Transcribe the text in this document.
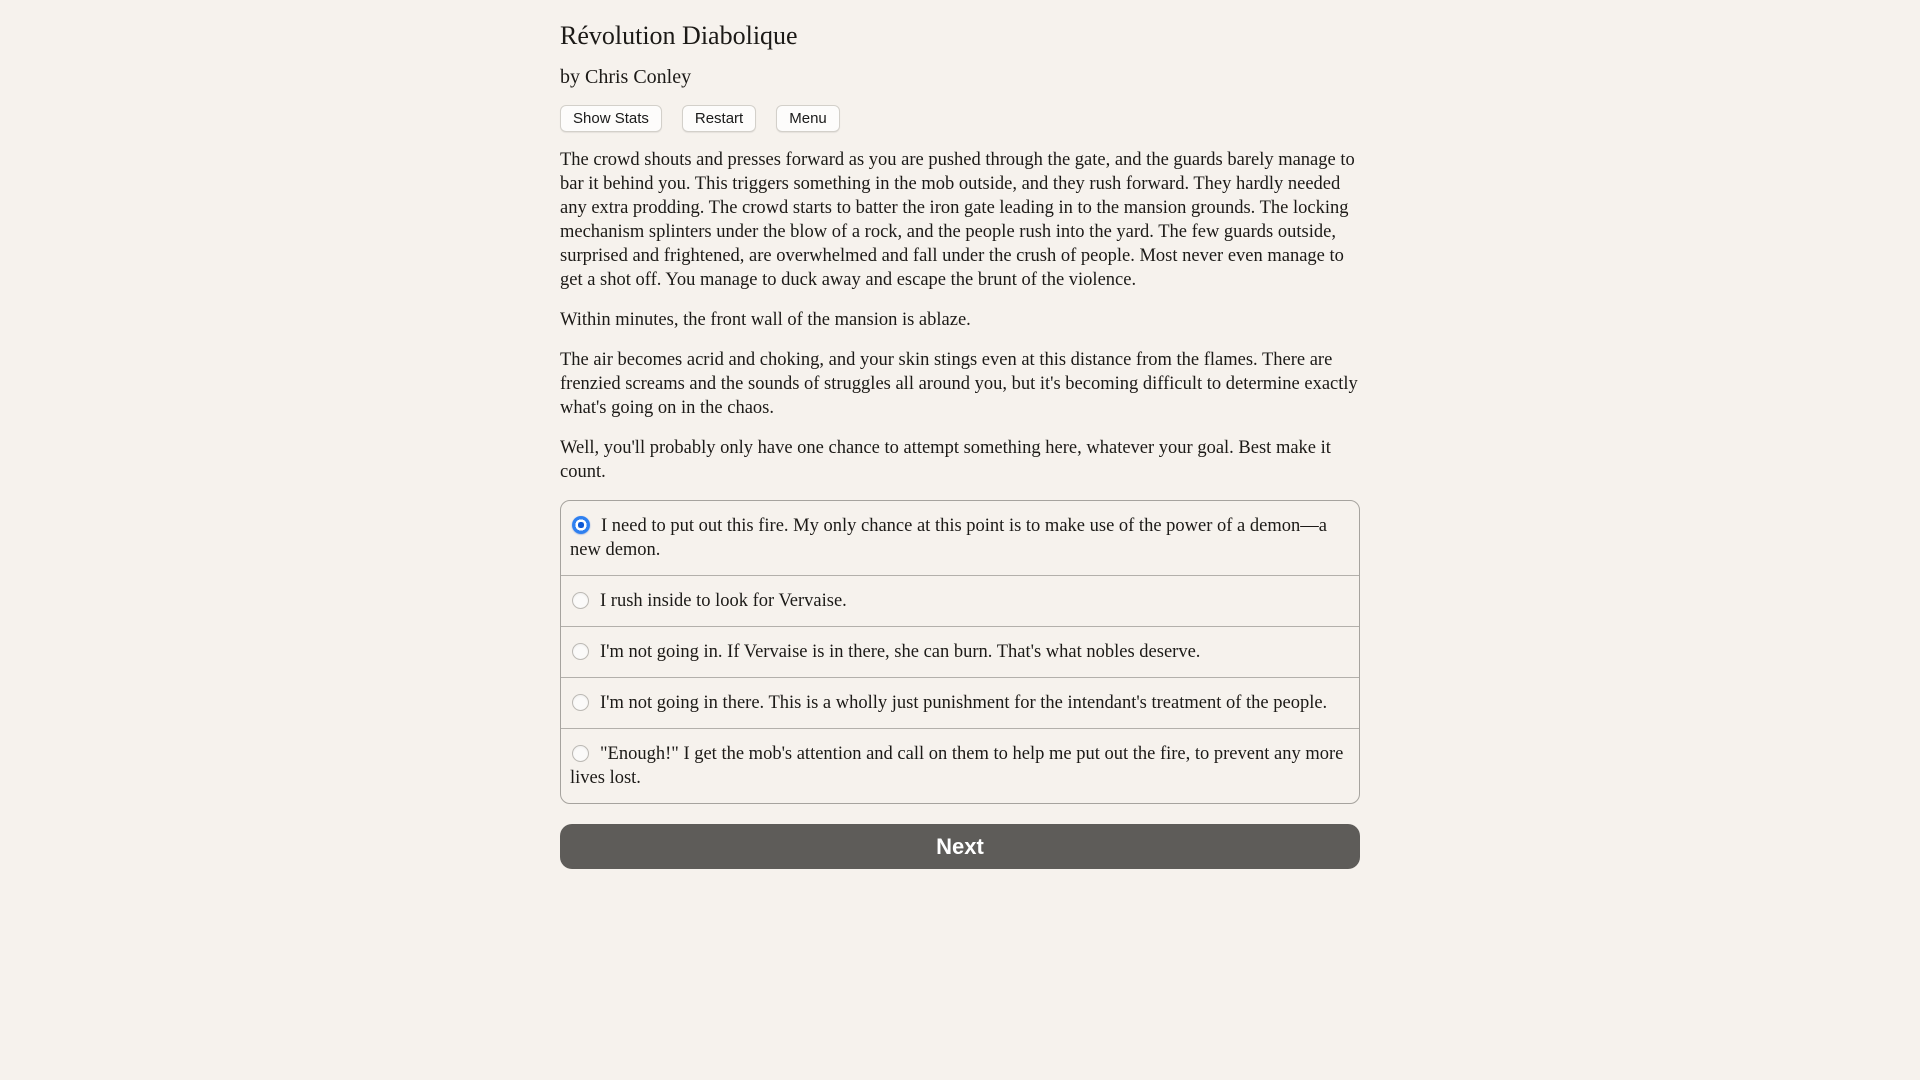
Révolution Diabolique

by Chris Conley

Show Stats	Restart	Menu

The crowd shouts and presses forward as you are pushed through the gate, and the guards barely manage to bar it behind you. This triggers something in the mob outside, and they rush forward. They hardly needed any extra prodding. The crowd starts to batter the iron gate leading in to the mansion grounds. The locking mechanism splinters under the blow of a rock, and the people rush into the yard. The few guards outside, surprised and frightened, are overwhelmed and fall under the crush of people. Most never even manage to get a shot off. You manage to duck away and escape the brunt of the violence.

Within minutes, the front wall of the mansion is ablaze.

The air becomes acrid and choking, and your skin stings even at this distance from the flames. There are frenzied screams and the sounds of struggles all around you, but it's becoming difficult to determine exactly what's going on in the chaos.

Well, you'll probably only have one chance to attempt something here, whatever your goal. Best make it count.

I need to put out this fire. My only chance at this point is to make use of the power of a demon—a new demon.
I rush inside to look for Vervaise.
I'm not going in. If Vervaise is in there, she can burn. That's what nobles deserve.
I'm not going in there. This is a wholly just punishment for the intendant's treatment of the people.
"Enough!" I get the mob's attention and call on them to help me put out the fire, to prevent any more lives lost.
Next
